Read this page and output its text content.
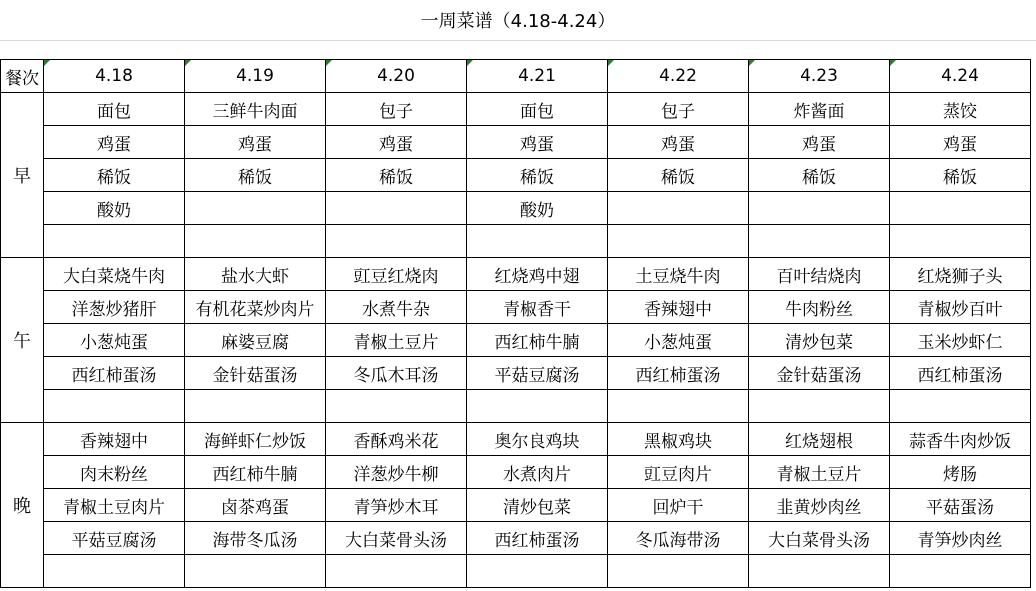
一周菜谱（4.18-4.24）
餐次	4.18	4.19	4.20	4.21	4.22	4.23	4.24
早	面包	三鲜牛肉面	包子	面包	包子	炸酱面	蒸饺
	鸡蛋	鸡蛋	鸡蛋	鸡蛋	鸡蛋	鸡蛋	鸡蛋
	稀饭	稀饭	稀饭	稀饭	稀饭	稀饭	稀饭
	酸奶			酸奶			

午	大白菜烧牛肉	盐水大虾	豇豆红烧肉	红烧鸡中翅	土豆烧牛肉	百叶结烧肉	红烧狮子头
	洋葱炒猪肝	有机花菜炒肉片	水煮牛杂	青椒香干	香辣翅中	牛肉粉丝	青椒炒百叶
	小葱炖蛋	麻婆豆腐	青椒土豆片	西红柿牛腩	小葱炖蛋	清炒包菜	玉米炒虾仁
	西红柿蛋汤	金针菇蛋汤	冬瓜木耳汤	平菇豆腐汤	西红柿蛋汤	金针菇蛋汤	西红柿蛋汤

晚	香辣翅中	海鲜虾仁炒饭	香酥鸡米花	奥尔良鸡块	黑椒鸡块	红烧翅根	蒜香牛肉炒饭
	肉末粉丝	西红柿牛腩	洋葱炒牛柳	水煮肉片	豇豆肉片	青椒土豆片	烤肠
	青椒土豆肉片	卤茶鸡蛋	青笋炒木耳	清炒包菜	回炉干	韭黄炒肉丝	平菇蛋汤
	平菇豆腐汤	海带冬瓜汤	大白菜骨头汤	西红柿蛋汤	冬瓜海带汤	大白菜骨头汤	青笋炒肉丝
